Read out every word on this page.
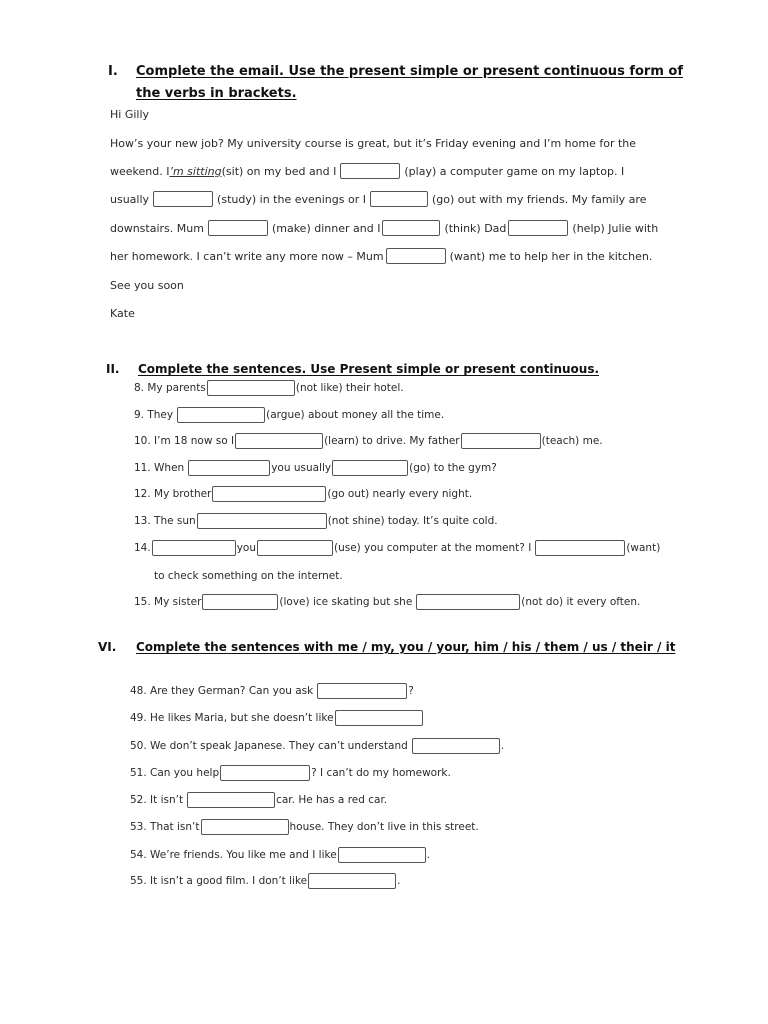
I. Complete the email. Use the present simple or present continuous form of the verbs in brackets.
Hi Gilly
How’s your new job? My university course is great, but it’s Friday evening and I’m home for the
weekend. I ’m sitting (sit) on my bed and I	(play) a computer game on my laptop. I
usually	(study) in the evenings or I	(go) out with my friends. My family are
downstairs. Mum	(make) dinner and I	(think) Dad	(help) Julie with
her homework. I can’t write any more now – Mum	(want) me to help her in the kitchen.
See you soon
Kate
II. Complete the sentences. Use Present simple or present continuous.
8. My parents	(not like) their hotel.
9. They	(argue) about money all the time.
10. I’m 18 now so I	(learn) to drive. My father	(teach) me.
11. When	you usually	(go) to the gym?
12. My brother	(go out) nearly every night.
13. The sun	(not shine) today. It’s quite cold.
14.	you	(use) you computer at the moment? I	(want)
to check something on the internet.
15. My sister	(love) ice skating but she	(not do) it every often.
VI. Complete the sentences with me / my, you / your, him / his / them / us / their / it
48. Are they German? Can you ask	?
49. He likes Maria, but she doesn’t like
50. We don’t speak Japanese. They can’t understand	.
51. Can you help	? I can’t do my homework.
52. It isn’t	car. He has a red car.
53. That isn’t	house. They don’t live in this street.
54. We’re friends. You like me and I like	.
55. It isn’t a good film. I don’t like	.
